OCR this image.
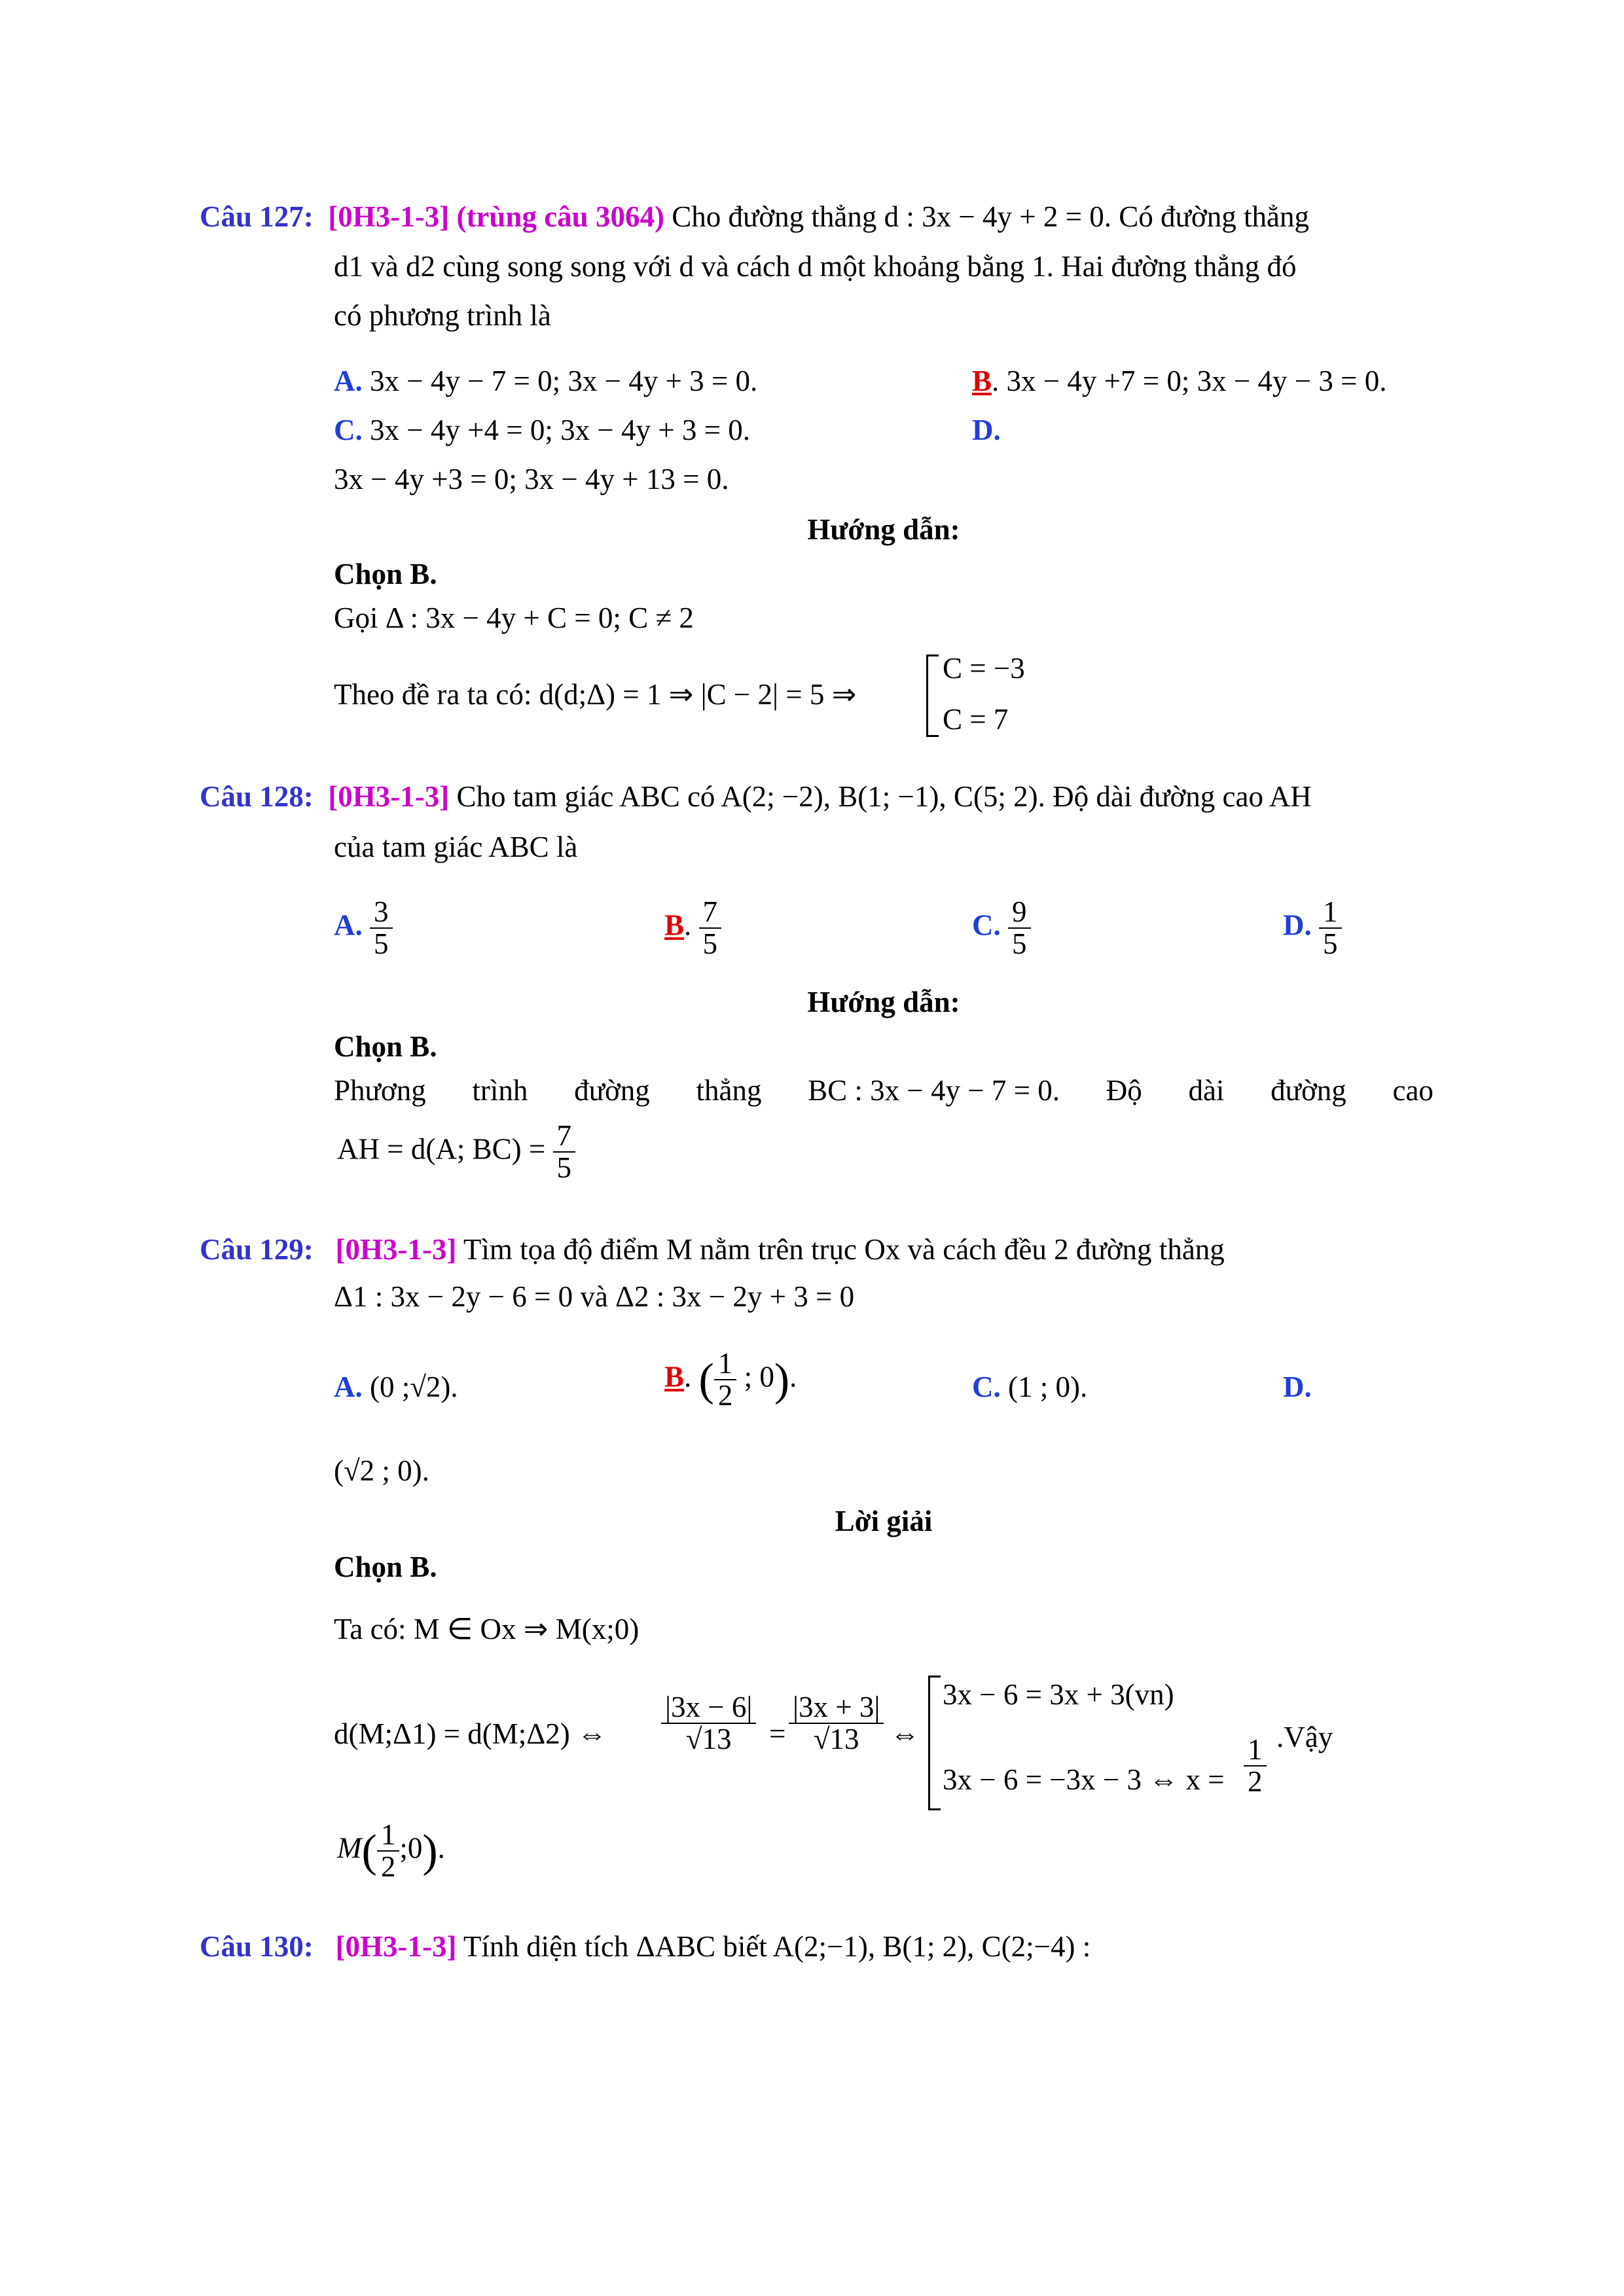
Câu 127: [0H3-1-3] (trùng câu 3064) Cho đường thẳng d : 3x − 4y + 2 = 0. Có đường thẳng
d1 và d2 cùng song song với d và cách d một khoảng bằng 1. Hai đường thẳng đó
có phương trình là
A. 3x − 4y − 7 = 0; 3x − 4y + 3 = 0.	B. 3x − 4y +7 = 0; 3x − 4y − 3 = 0.
C. 3x − 4y +4 = 0; 3x − 4y + 3 = 0.	D.
3x − 4y +3 = 0; 3x − 4y + 13 = 0.
Hướng dẫn:
Chọn B.
Gọi Δ : 3x − 4y + C = 0; C ≠ 2
Theo đề ra ta có: d(d;Δ) = 1 ⇒ |C − 2| = 5 ⇒
C = −3
C = 7
Câu 128: [0H3-1-3] Cho tam giác ABC có A(2; −2), B(1; −1), C(5; 2). Độ dài đường cao AH
của tam giác ABC là
A. $\frac{3}{5}$	B. $\frac{7}{5}$	C. $\frac{9}{5}$	D. $\frac{1}{5}$
Hướng dẫn:
Chọn B.
Phương trình đường thẳng BC : 3x − 4y − 7 = 0. Độ dài đường cao
AH = d(A; $BC) = \frac{7}{5}$
Câu 129: [0H3-1-3] Tìm tọa độ điểm M nằm trên trục Ox và cách đều 2 đường thẳng
Δ1 : 3x − 2y − 6 = 0 và Δ2 : 3x − 2y + 3 = 0
A. (0 ;√2).	B. ( $\frac{1}{2}$ ; 0).	C. (1 ; 0).	D.
(√2 ; 0).
Lời giải
Chọn B.
Ta có: M ∈ Ox ⇒ M(x;0)
d(M;Δ1) = d(M;Δ2) ⇔ $\frac{|3x - 6|}{√13} = \frac{|3x + 3|}{√13}$ ⇔
3x − 6 = 3x + 3(vn)
3x − 6 = −3x − 3 ⇔ $x = \frac{1}{2}$ .Vậy
$M( \frac{1}{2}$ ;0).
Câu 130: [0H3-1-3] Tính diện tích ΔABC biết A(2;−1), B(1; 2), C(2;−4) :
